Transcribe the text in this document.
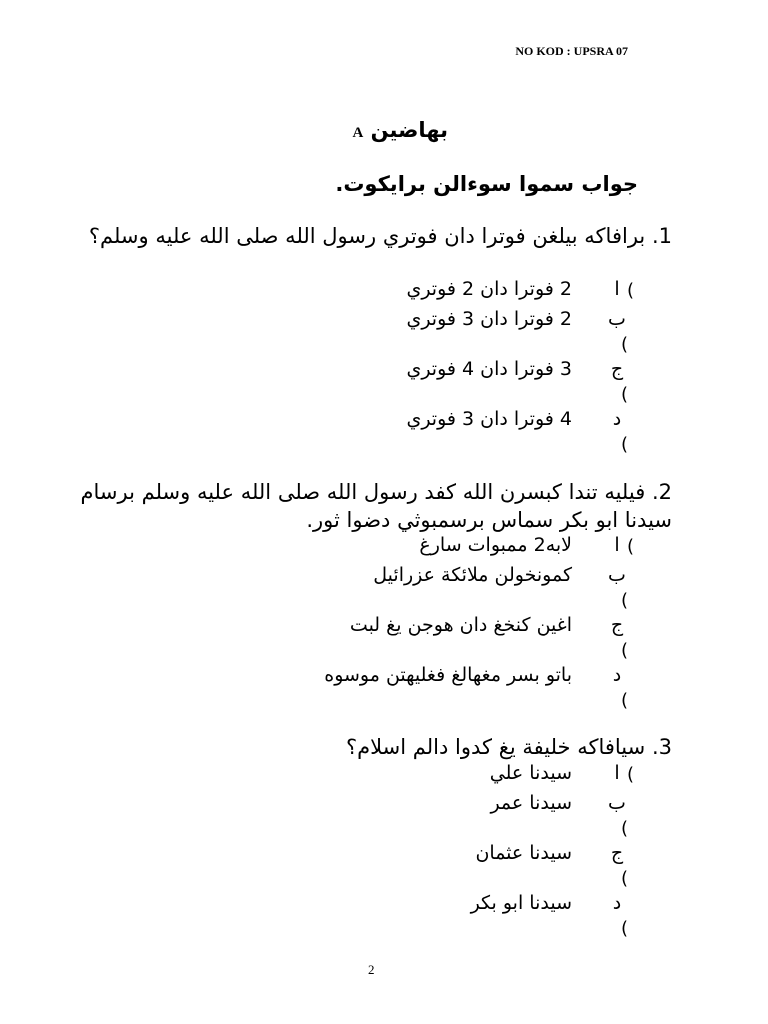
NO KOD : UPSRA 07
بهاضين A
جواب سموا سوءالن برايكوت.
1. برافاكه بيلغن فوترا دان فوتري رسول الله صلى الله عليه وسلم؟
ا )
2 فوترا دان 2 فوتري
ب
2 فوترا دان 3 فوتري
)
ج
3 فوترا دان 4 فوتري
)
د
4 فوترا دان 3 فوتري
)
2. فيليه تندا كبسرن الله كفد رسول الله صلى الله عليه وسلم برسام سيدنا ابو بكر سماس برسمبوثي دضوا ثور.
ا )
لابه2 ممبوات سارغ
ب
كمونخولن ملائكة عزرائيل
)
ج
اغين كنخغ دان هوجن يغ لبت
)
د
باتو بسر مغهالغ فغليهتن موسوه
)
3. سيافاكه خليفة يغ كدوا دالم اسلام؟
ا )
سيدنا علي
ب
سيدنا عمر
)
ج
سيدنا عثمان
)
د
سيدنا ابو بكر
)
2
